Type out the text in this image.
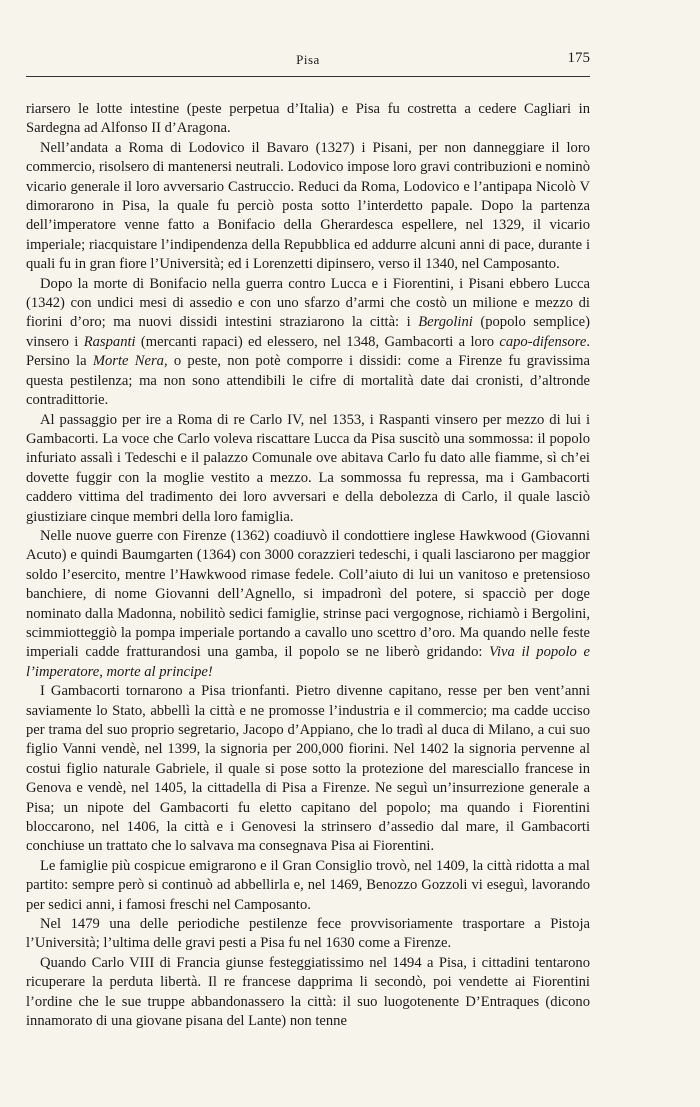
Pisa	175

riarsero le lotte intestine (peste perpetua d’Italia) e Pisa fu costretta a cedere Cagliari in Sardegna ad Alfonso II d’Aragona.

Nell’andata a Roma di Lodovico il Bavaro (1327) i Pisani, per non danneggiare il loro commercio, risolsero di mantenersi neutrali. Lodovico impose loro gravi contribuzioni e nominò vicario generale il loro avversario Castruccio. Reduci da Roma, Lodovico e l’antipapa Nicolò V dimorarono in Pisa, la quale fu perciò posta sotto l’interdetto papale. Dopo la partenza dell’imperatore venne fatto a Bonifacio della Gherardesca espellere, nel 1329, il vicario imperiale; riacquistare l’indipendenza della Repubblica ed addurre alcuni anni di pace, durante i quali fu in gran fiore l’Università; ed i Lorenzetti dipinsero, verso il 1340, nel Camposanto.

Dopo la morte di Bonifacio nella guerra contro Lucca e i Fiorentini, i Pisani ebbero Lucca (1342) con undici mesi di assedio e con uno sfarzo d’armi che costò un milione e mezzo di fiorini d’oro; ma nuovi dissidi intestini straziarono la città: i Bergolini (popolo semplice) vinsero i Raspanti (mercanti rapaci) ed elessero, nel 1348, Gambacorti a loro capo-difensore. Persino la Morte Nera, o peste, non potè comporre i dissidi: come a Firenze fu gravissima questa pestilenza; ma non sono attendibili le cifre di mortalità date dai cronisti, d’altronde contradittorie.

Al passaggio per ire a Roma di re Carlo IV, nel 1353, i Raspanti vinsero per mezzo di lui i Gambacorti. La voce che Carlo voleva riscattare Lucca da Pisa suscitò una sommossa: il popolo infuriato assalì i Tedeschi e il palazzo Comunale ove abitava Carlo fu dato alle fiamme, sì ch’ei dovette fuggir con la moglie vestito a mezzo. La sommossa fu repressa, ma i Gambacorti caddero vittima del tradimento dei loro avversari e della debolezza di Carlo, il quale lasciò giustiziare cinque membri della loro famiglia.

Nelle nuove guerre con Firenze (1362) coadiuvò il condottiere inglese Hawkwood (Giovanni Acuto) e quindi Baumgarten (1364) con 3000 corazzieri tedeschi, i quali lasciarono per maggior soldo l’esercito, mentre l’Hawkwood rimase fedele. Coll’aiuto di lui un vanitoso e pretensioso banchiere, di nome Giovanni dell’Agnello, si impadronì del potere, si spacciò per doge nominato dalla Madonna, nobilitò sedici famiglie, strinse paci vergognose, richiamò i Bergolini, scimmiotteggiò la pompa imperiale portando a cavallo uno scettro d’oro. Ma quando nelle feste imperiali cadde fratturandosi una gamba, il popolo se ne liberò gridando: Viva il popolo e l’imperatore, morte al principe!

I Gambacorti tornarono a Pisa trionfanti. Pietro divenne capitano, resse per ben vent’anni saviamente lo Stato, abbellì la città e ne promosse l’industria e il commercio; ma cadde ucciso per trama del suo proprio segretario, Jacopo d’Appiano, che lo tradì al duca di Milano, a cui suo figlio Vanni vendè, nel 1399, la signoria per 200,000 fiorini. Nel 1402 la signoria pervenne al costui figlio naturale Gabriele, il quale si pose sotto la protezione del maresciallo francese in Genova e vendè, nel 1405, la cittadella di Pisa a Firenze. Ne seguì un’insurrezione generale a Pisa; un nipote del Gambacorti fu eletto capitano del popolo; ma quando i Fiorentini bloccarono, nel 1406, la città e i Genovesi la strinsero d’assedio dal mare, il Gambacorti conchiuse un trattato che lo salvava ma consegnava Pisa ai Fiorentini.

Le famiglie più cospicue emigrarono e il Gran Consiglio trovò, nel 1409, la città ridotta a mal partito: sempre però si continuò ad abbellirla e, nel 1469, Benozzo Gozzoli vi eseguì, lavorando per sedici anni, i famosi freschi nel Camposanto.

Nel 1479 una delle periodiche pestilenze fece provvisoriamente trasportare a Pistoja l’Università; l’ultima delle gravi pesti a Pisa fu nel 1630 come a Firenze.

Quando Carlo VIII di Francia giunse festeggiatissimo nel 1494 a Pisa, i cittadini tentarono ricuperare la perduta libertà. Il re francese dapprima li secondò, poi vendette ai Fiorentini l’ordine che le sue truppe abbandonassero la città: il suo luogotenente D’Entraques (dicono innamorato di una giovane pisana del Lante) non tenne
